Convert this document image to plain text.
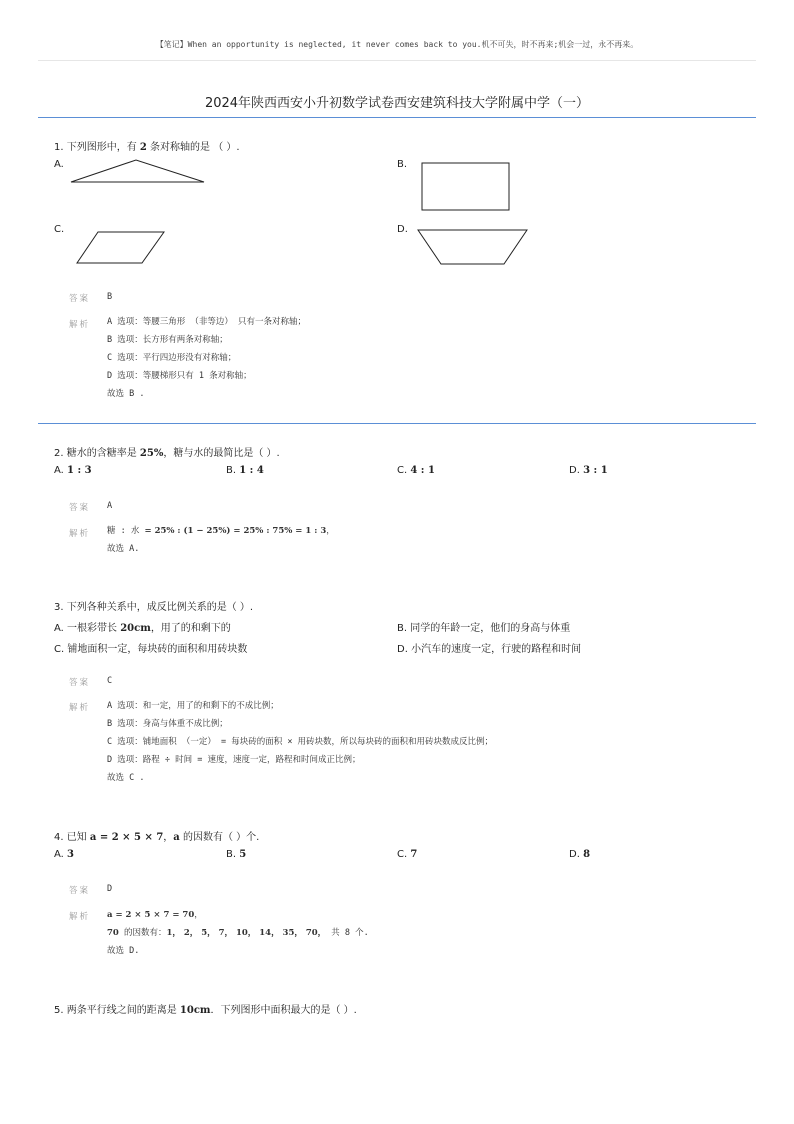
【笔记】When an opportunity is neglected, it never comes back to you.机不可失，时不再来;机会一过，永不再来。
2024年陕西西安小升初数学试卷西安建筑科技大学附属中学（一）
1. 下列图形中，有 2 条对称轴的是 （ ）.
A.	B.
C.	D.
答案 B
解析 A 选项：等腰三角形 （非等边） 只有一条对称轴；
B 选项：长方形有两条对称轴；
C 选项：平行四边形没有对称轴；
D 选项：等腰梯形只有 1 条对称轴；
故选 B .
2. 糖水的含糖率是 25%，糖与水的最简比是（ ）.
A. 1 : 3	B. 1 : 4	C. 4 : 1	D. 3 : 1
答案 A
解析 糖 : 水 = 25% : (1 − 25%) = 25% : 75% = 1 : 3，
故选 A.
3. 下列各种关系中，成反比例关系的是（ ）.
A. 一根彩带长 20cm，用了的和剩下的	B. 同学的年龄一定，他们的身高与体重
C. 铺地面积一定，每块砖的面积和用砖块数	D. 小汽车的速度一定，行驶的路程和时间
答案 C
解析 A 选项：和一定，用了的和剩下的不成比例；
B 选项：身高与体重不成比例；
C 选项：铺地面积 （一定） = 每块砖的面积 × 用砖块数，所以每块砖的面积和用砖块数成反比例；
D 选项：路程 ÷ 时间 = 速度，速度一定，路程和时间成正比例；
故选 C .
4. 已知 a = 2 × 5 × 7，a 的因数有（ ）个.
A. 3	B. 5	C. 7	D. 8
答案 D
解析 a = 2 × 5 × 7 = 70，
70 的因数有：1， 2， 5， 7， 10， 14， 35， 70， 共 8 个.
故选 D.
5. 两条平行线之间的距离是 10cm．下列图形中面积最大的是（ ）.
